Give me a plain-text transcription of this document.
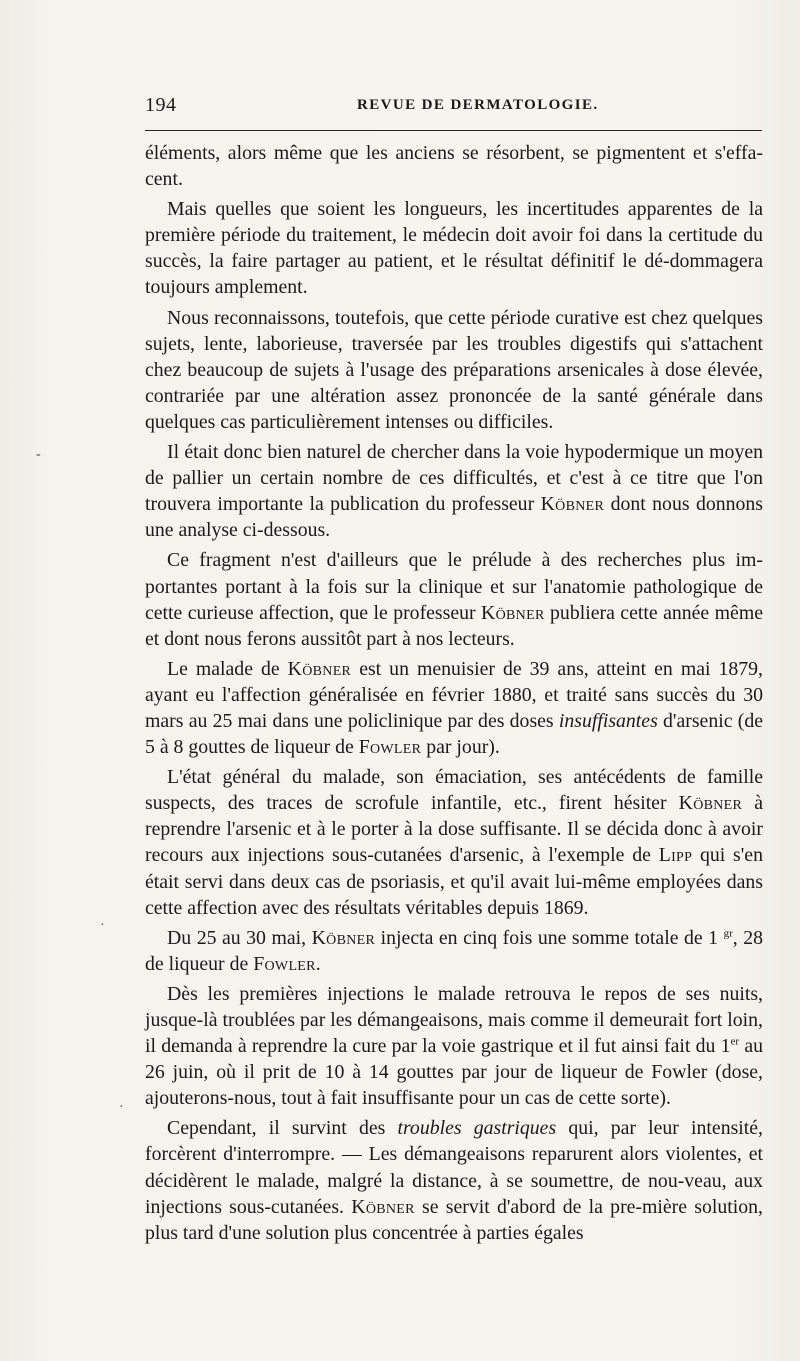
194	REVUE DE DERMATOLOGIE.

éléments, alors même que les anciens se résorbent, se pigmentent et s'effa-cent.

Mais quelles que soient les longueurs, les incertitudes apparentes de la première période du traitement, le médecin doit avoir foi dans la certitude du succès, la faire partager au patient, et le résultat définitif le dé-dommagera toujours amplement.

Nous reconnaissons, toutefois, que cette période curative est chez quelques sujets, lente, laborieuse, traversée par les troubles digestifs qui s'attachent chez beaucoup de sujets à l'usage des préparations arsenicales à dose élevée, contrariée par une altération assez prononcée de la santé générale dans quelques cas particulièrement intenses ou difficiles.

Il était donc bien naturel de chercher dans la voie hypodermique un moyen de pallier un certain nombre de ces difficultés, et c'est à ce titre que l'on trouvera importante la publication du professeur Köbner dont nous donnons une analyse ci-dessous.

Ce fragment n'est d'ailleurs que le prélude à des recherches plus im-portantes portant à la fois sur la clinique et sur l'anatomie pathologique de cette curieuse affection, que le professeur Köbner publiera cette année même et dont nous ferons aussitôt part à nos lecteurs.

Le malade de Köbner est un menuisier de 39 ans, atteint en mai 1879, ayant eu l'affection généralisée en février 1880, et traité sans succès du 30 mars au 25 mai dans une policlinique par des doses insuffisantes d'arsenic (de 5 à 8 gouttes de liqueur de Fowler par jour).

L'état général du malade, son émaciation, ses antécédents de famille suspects, des traces de scrofule infantile, etc., firent hésiter Köbner à reprendre l'arsenic et à le porter à la dose suffisante. Il se décida donc à avoir recours aux injections sous-cutanées d'arsenic, à l'exemple de Lipp qui s'en était servi dans deux cas de psoriasis, et qu'il avait lui-même employées dans cette affection avec des résultats véritables depuis 1869.

Du 25 au 30 mai, Köbner injecta en cinq fois une somme totale de 1 $^{gr}$, 28 de liqueur de Fowler.

Dès les premières injections le malade retrouva le repos de ses nuits, jusque-là troublées par les démangeaisons, mais comme il demeurait fort loin, il demanda à reprendre la cure par la voie gastrique et il fut ainsi fait du 1er au 26 juin, où il prit de 10 à 14 gouttes par jour de liqueur de Fowler (dose, ajouterons-nous, tout à fait insuffisante pour un cas de cette sorte).

Cependant, il survint des troubles gastriques qui, par leur intensité, forcèrent d'interrompre. — Les démangeaisons reparurent alors violentes, et décidèrent le malade, malgré la distance, à se soumettre, de nou-veau, aux injections sous-cutanées. Köbner se servit d'abord de la pre-mière solution, plus tard d'une solution plus concentrée à parties égales

-
·
·
